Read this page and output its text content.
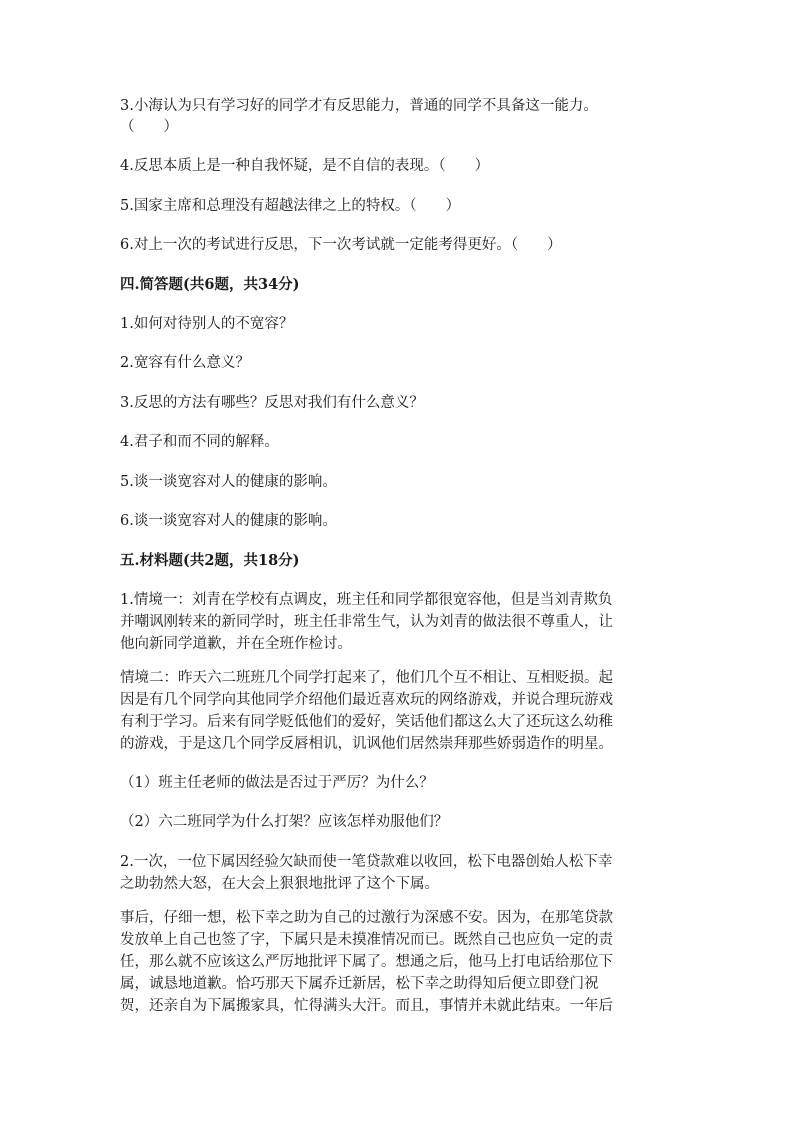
3.小海认为只有学习好的同学才有反思能力，普通的同学不具备这一能力。
（　　）
4.反思本质上是一种自我怀疑，是不自信的表现。（　　）
5.国家主席和总理没有超越法律之上的特权。（　　）
6.对上一次的考试进行反思，下一次考试就一定能考得更好。（　　）
四.简答题(共6题，共34分)
1.如何对待别人的不宽容？
2.宽容有什么意义？
3.反思的方法有哪些？反思对我们有什么意义？
4.君子和而不同的解释。
5.谈一谈宽容对人的健康的影响。
6.谈一谈宽容对人的健康的影响。
五.材料题(共2题，共18分)
1.情境一：刘青在学校有点调皮，班主任和同学都很宽容他，但是当刘青欺负
并嘲讽刚转来的新同学时，班主任非常生气，认为刘青的做法很不尊重人，让
他向新同学道歉，并在全班作检讨。
情境二：昨天六二班班几个同学打起来了，他们几个互不相让、互相贬损。起
因是有几个同学向其他同学介绍他们最近喜欢玩的网络游戏，并说合理玩游戏
有利于学习。后来有同学贬低他们的爱好，笑话他们都这么大了还玩这么幼稚
的游戏，于是这几个同学反唇相讥，讥讽他们居然崇拜那些娇弱造作的明星。
（1）班主任老师的做法是否过于严厉？为什么？
（2）六二班同学为什么打架？应该怎样劝服他们？
2.一次，一位下属因经验欠缺而使一笔贷款难以收回，松下电器创始人松下幸
之助勃然大怒，在大会上狠狠地批评了这个下属。
事后，仔细一想，松下幸之助为自己的过激行为深感不安。因为，在那笔贷款
发放单上自己也签了字，下属只是未摸准情况而已。既然自己也应负一定的责
任，那么就不应该这么严厉地批评下属了。想通之后，他马上打电话给那位下
属，诚恳地道歉。恰巧那天下属乔迁新居，松下幸之助得知后便立即登门祝
贺，还亲自为下属搬家具，忙得满头大汗。而且，事情并未就此结束。一年后
